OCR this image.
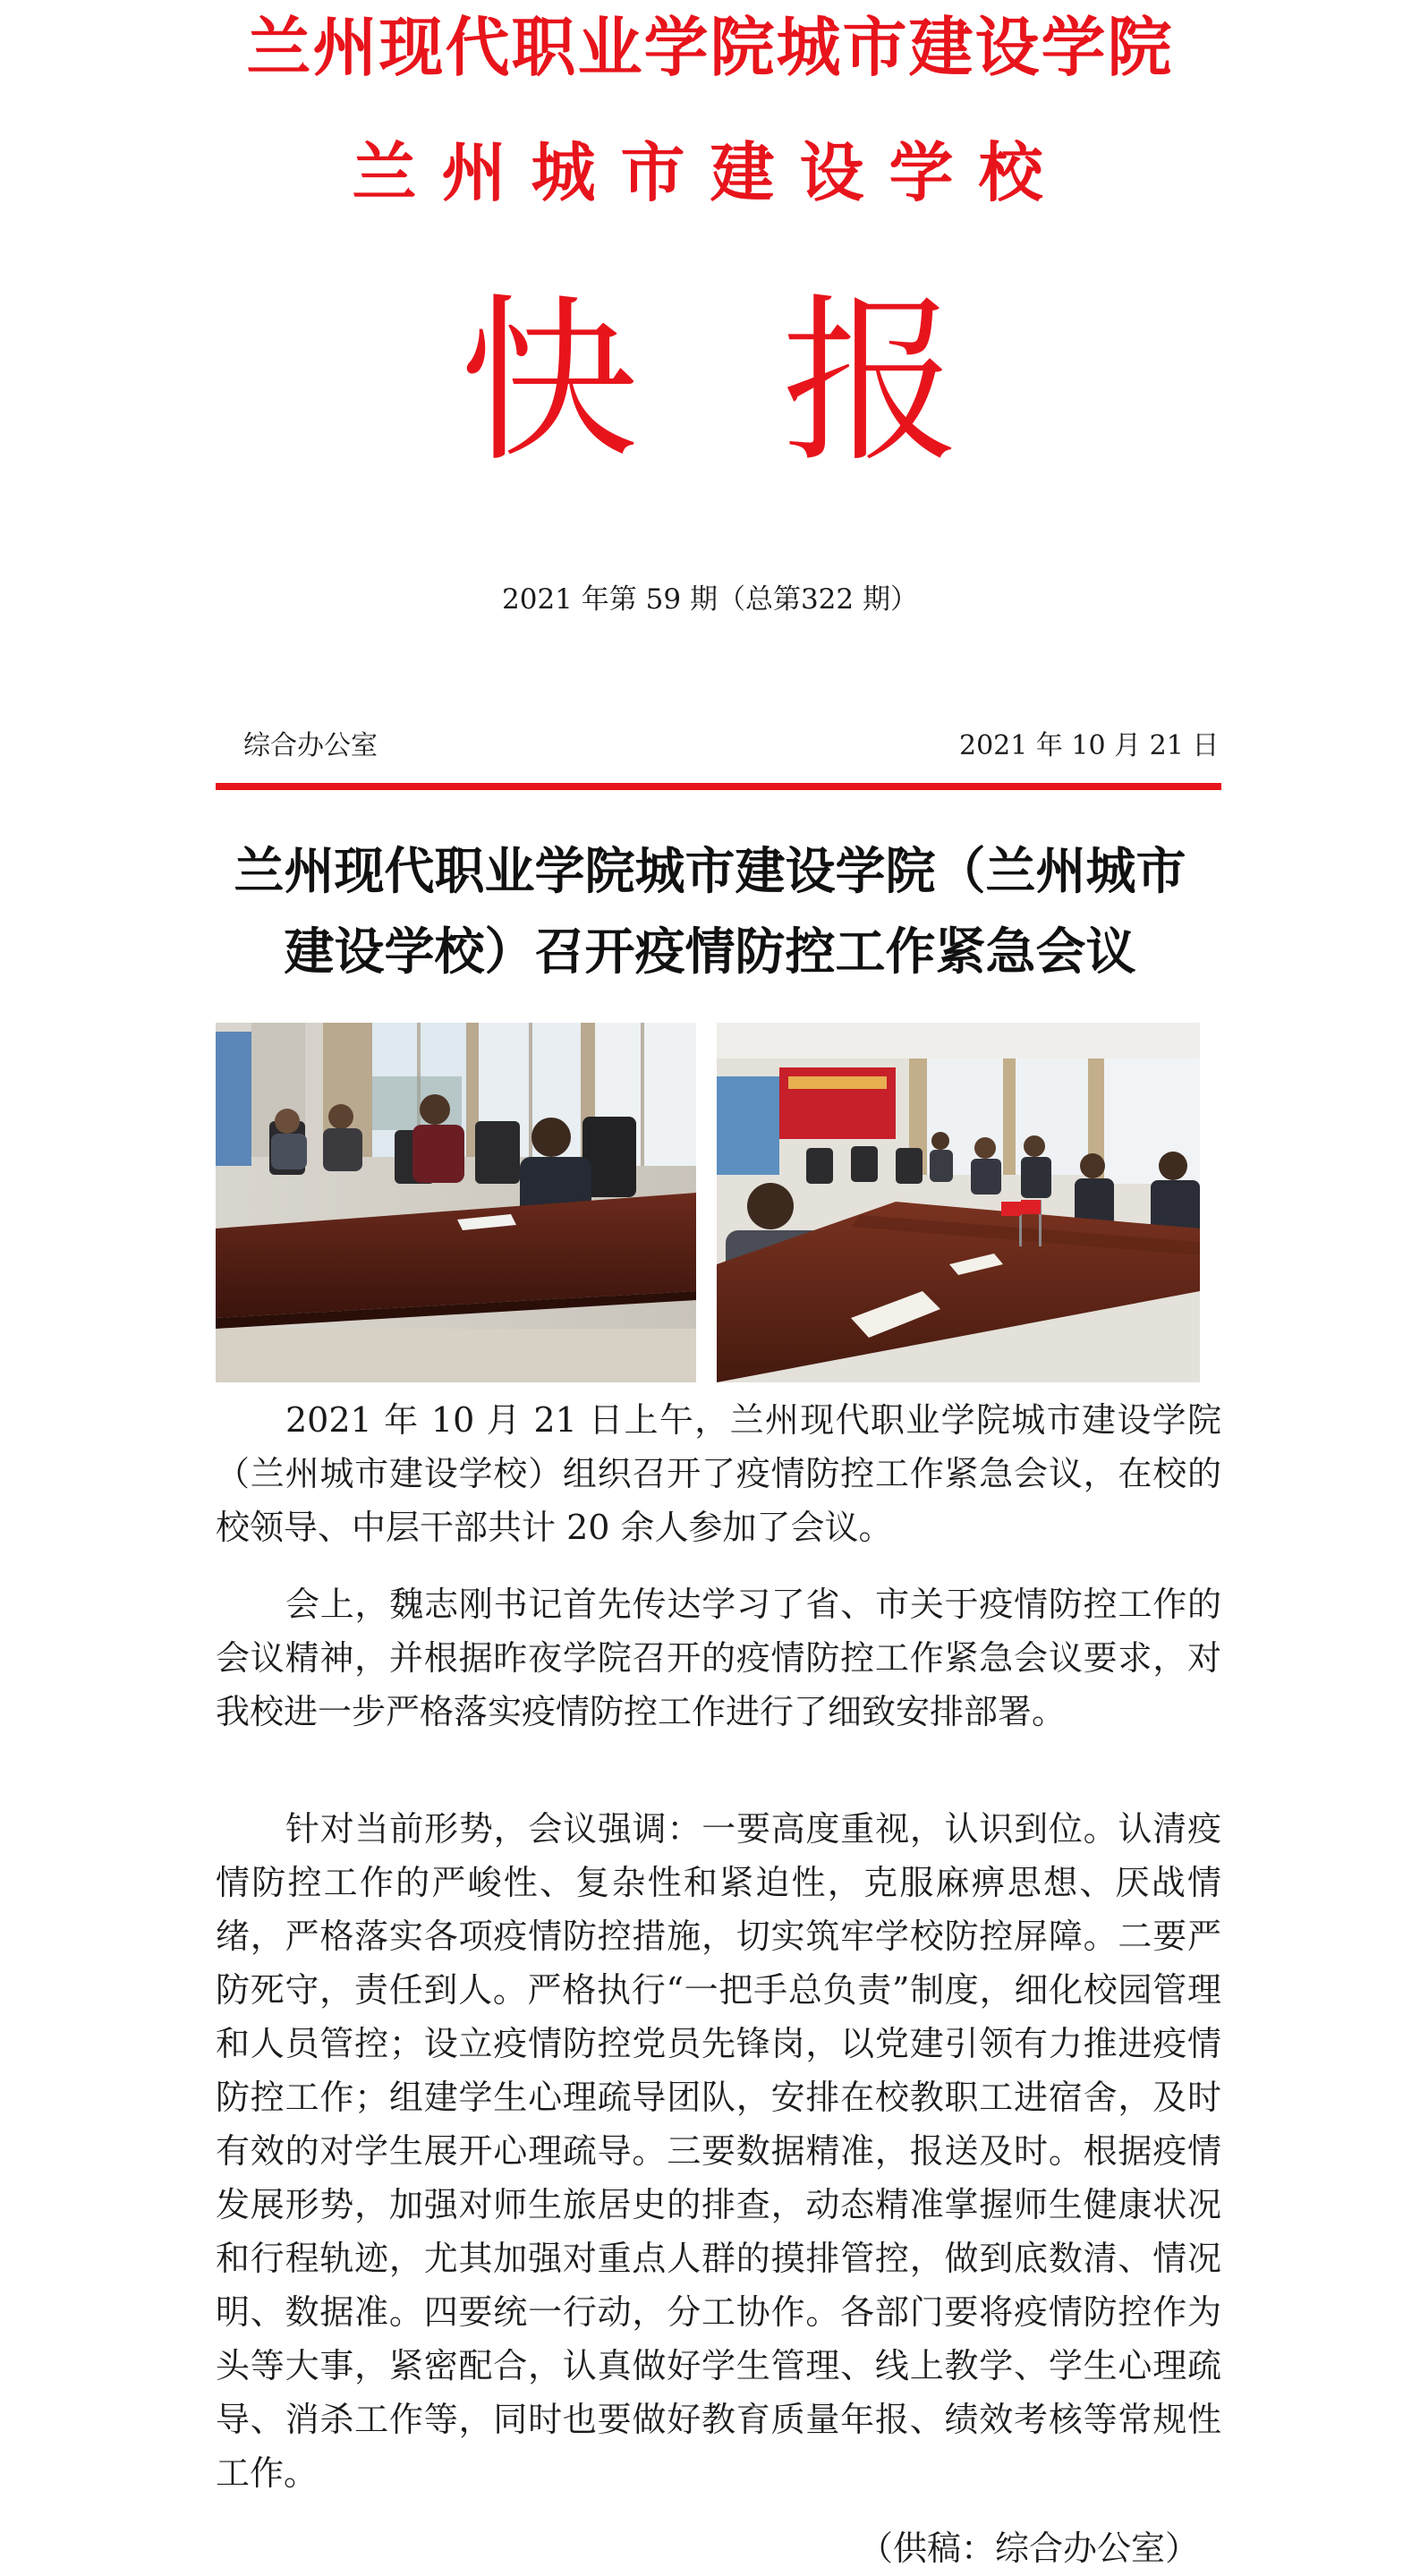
兰州现代职业学院城市建设学院
兰州城市建设学校
快 报
2021 年第 59 期（总第322 期）
综合办公室	2021 年 10 月 21 日
兰州现代职业学院城市建设学院（兰州城市
建设学校）召开疫情防控工作紧急会议

2021 年 10 月 21 日上午，兰州现代职业学院城市建设学院（兰州城市建设学校）组织召开了疫情防控工作紧急会议，在校的校领导、中层干部共计 20 余人参加了会议。

会上，魏志刚书记首先传达学习了省、市关于疫情防控工作的会议精神，并根据昨夜学院召开的疫情防控工作紧急会议要求，对我校进一步严格落实疫情防控工作进行了细致安排部署。

针对当前形势，会议强调：一要高度重视，认识到位。认清疫情防控工作的严峻性、复杂性和紧迫性，克服麻痹思想、厌战情绪，严格落实各项疫情防控措施，切实筑牢学校防控屏障。二要严防死守，责任到人。严格执行“一把手总负责”制度，细化校园管理和人员管控；设立疫情防控党员先锋岗，以党建引领有力推进疫情防控工作；组建学生心理疏导团队，安排在校教职工进宿舍，及时有效的对学生展开心理疏导。三要数据精准，报送及时。根据疫情发展形势，加强对师生旅居史的排查，动态精准掌握师生健康状况和行程轨迹，尤其加强对重点人群的摸排管控，做到底数清、情况明、数据准。四要统一行动，分工协作。各部门要将疫情防控作为头等大事，紧密配合，认真做好学生管理、线上教学、学生心理疏导、消杀工作等，同时也要做好教育质量年报、绩效考核等常规性工作。

（供稿：综合办公室）
